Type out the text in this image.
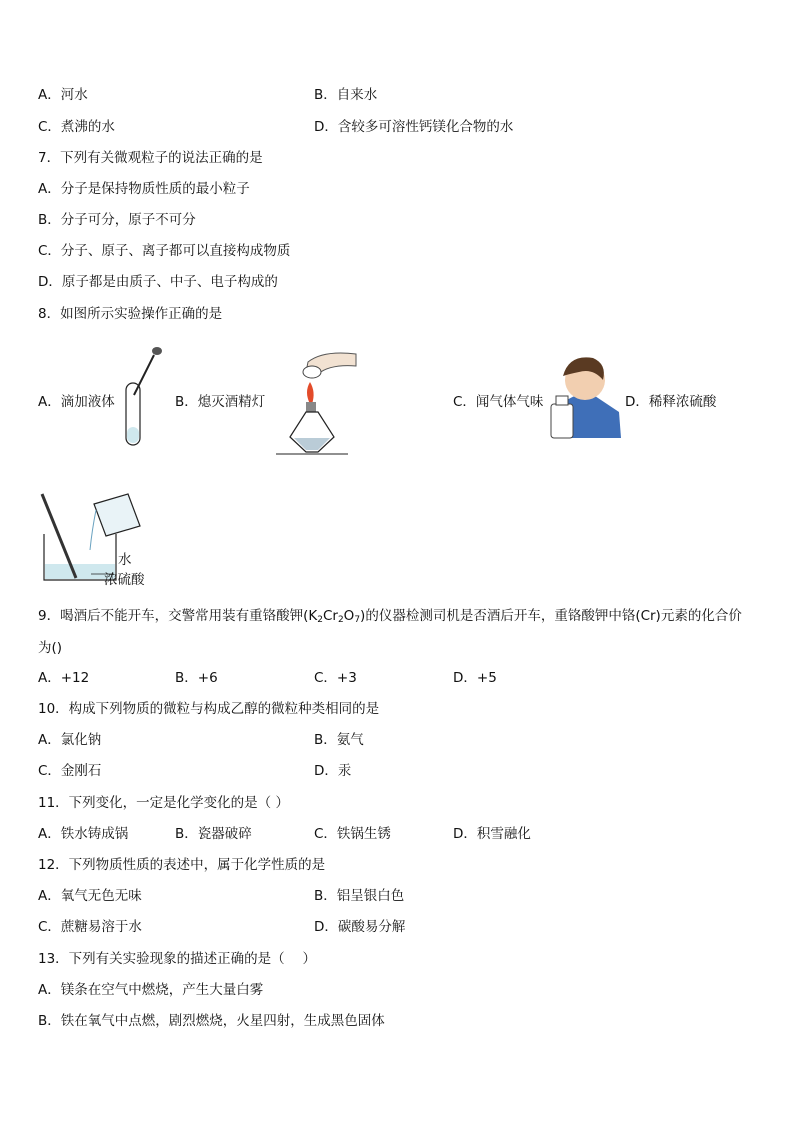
A．河水	B．自来水
C．煮沸的水	D．含较多可溶性钙镁化合物的水
7．下列有关微观粒子的说法正确的是
A．分子是保持物质性质的最小粒子
B．分子可分，原子不可分
C．分子、原子、离子都可以直接构成物质
D．原子都是由质子、中子、电子构成的
8．如图所示实验操作正确的是
A．滴加液体	B．熄灭酒精灯	C．闻气体气味	D．稀释浓硫酸
水
浓硫酸
9．喝酒后不能开车，交警常用装有重铬酸钾$(K_2Cr_2O_7)$的仪器检测司机是否酒后开车，重铬酸钾中铬(Cr)元素的化合价
为()
A．+12	B．+6	C．+3	D．+5
10．构成下列物质的微粒与构成乙醇的微粒种类相同的是
A．氯化钠	B．氨气
C．金刚石	D．汞
11．下列变化，一定是化学变化的是（ ）
A．铁水铸成锅	B．瓷器破碎	C．铁锅生锈	D．积雪融化
12．下列物质性质的表述中，属于化学性质的是
A．氧气无色无味	B．铝呈银白色
C．蔗糖易溶于水	D．碳酸易分解
13．下列有关实验现象的描述正确的是（　 ）
A．镁条在空气中燃烧，产生大量白雾
B．铁在氧气中点燃，剧烈燃烧，火星四射，生成黑色固体
